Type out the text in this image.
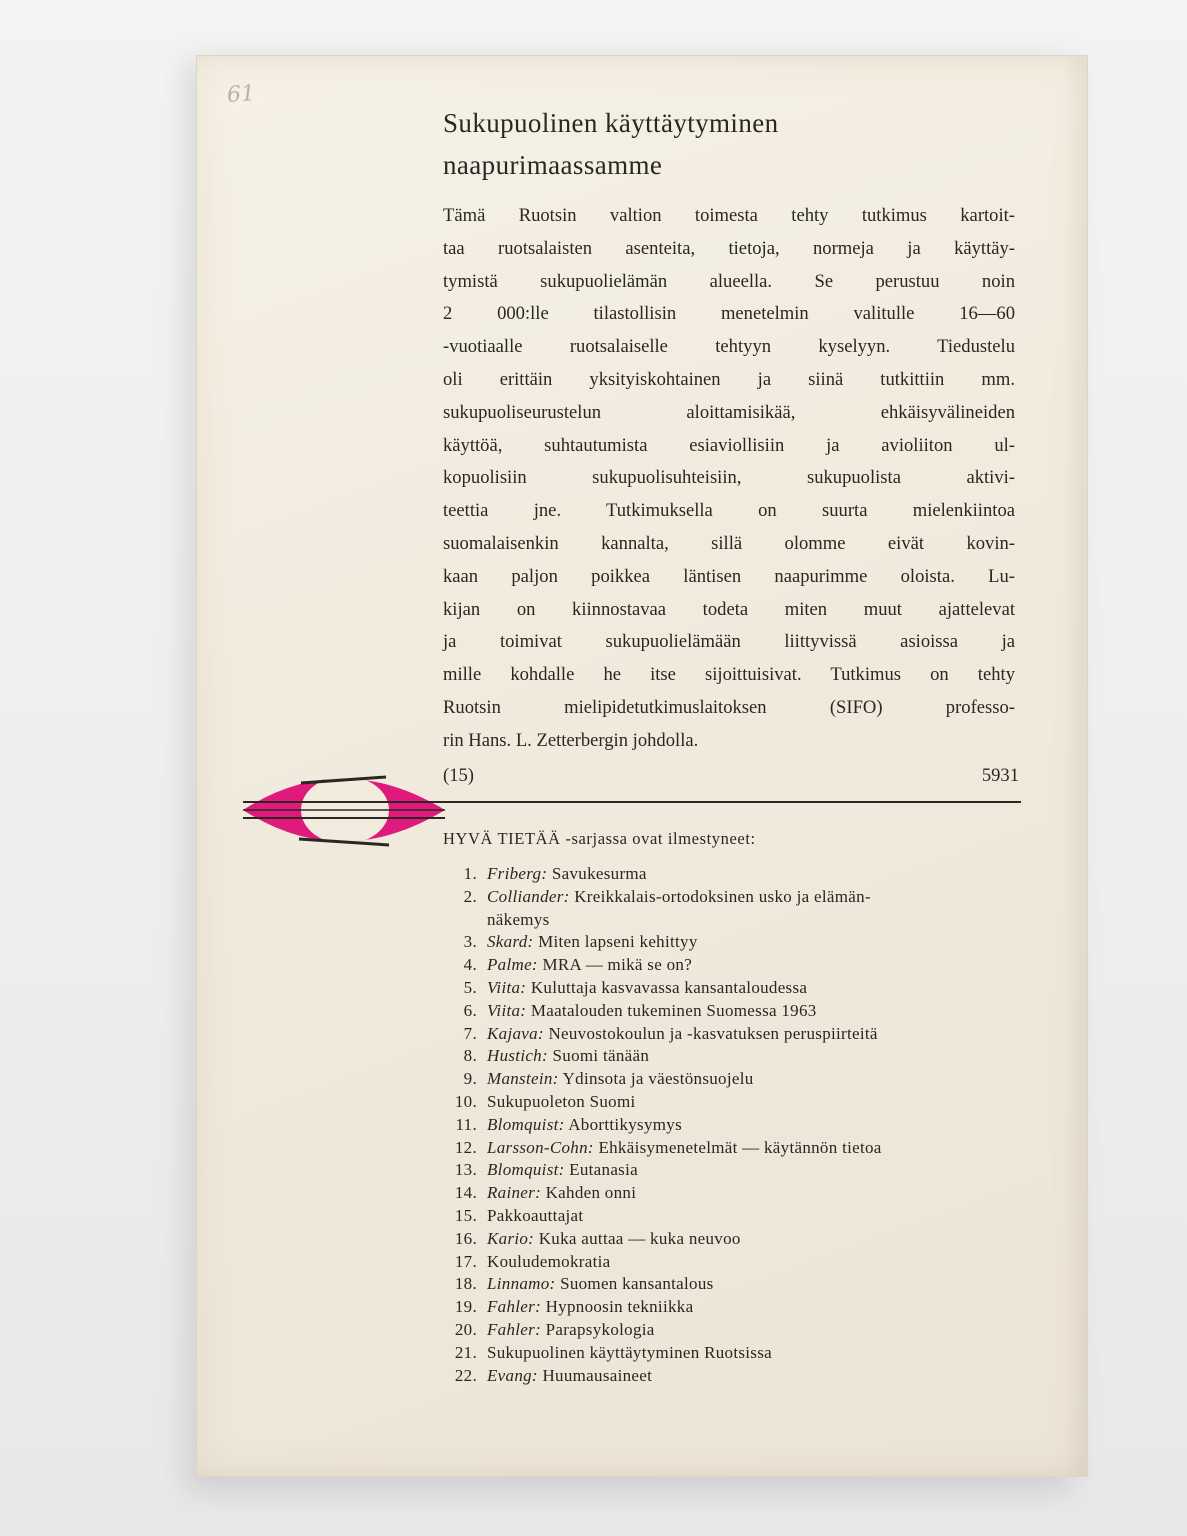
61
Sukupuolinen käyttäytyminen
naapurimaassamme

Tämä Ruotsin valtion toimesta tehty tutkimus kartoit-
taa ruotsalaisten asenteita, tietoja, normeja ja käyttäy-
tymistä sukupuolielämän alueella. Se perustuu noin
2 000:lle tilastollisin menetelmin valitulle 16—60
-vuotiaalle ruotsalaiselle tehtyyn kyselyyn. Tiedustelu
oli erittäin yksityiskohtainen ja siinä tutkittiin mm.
sukupuoliseurustelun aloittamisikää, ehkäisyvälineiden
käyttöä, suhtautumista esiaviollisiin ja avioliiton ul-
kopuolisiin sukupuolisuhteisiin, sukupuolista aktivi-
teettia jne. Tutkimuksella on suurta mielenkiintoa
suomalaisenkin kannalta, sillä olomme eivät kovin-
kaan paljon poikkea läntisen naapurimme oloista. Lu-
kijan on kiinnostavaa todeta miten muut ajattelevat
ja toimivat sukupuolielämään liittyvissä asioissa ja
mille kohdalle he itse sijoittuisivat. Tutkimus on tehty
Ruotsin mielipidetutkimuslaitoksen (SIFO) professo-
rin Hans. L. Zetterbergin johdolla.

(15)	5931
HYVÄ TIETÄÄ -sarjassa ovat ilmestyneet:
1. Friberg: Savukesurma
2. Colliander: Kreikkalais-ortodoksinen usko ja elämän-
näkemys
3. Skard: Miten lapseni kehittyy
4. Palme: MRA — mikä se on?
5. Viita: Kuluttaja kasvavassa kansantaloudessa
6. Viita: Maatalouden tukeminen Suomessa 1963
7. Kajava: Neuvostokoulun ja -kasvatuksen peruspiirteitä
8. Hustich: Suomi tänään
9. Manstein: Ydinsota ja väestönsuojelu
10. Sukupuoleton Suomi
11. Blomquist: Aborttikysymys
12. Larsson-Cohn: Ehkäisymenetelmät — käytännön tietoa
13. Blomquist: Eutanasia
14. Rainer: Kahden onni
15. Pakkoauttajat
16. Kario: Kuka auttaa — kuka neuvoo
17. Kouludemokratia
18. Linnamo: Suomen kansantalous
19. Fahler: Hypnoosin tekniikka
20. Fahler: Parapsykologia
21. Sukupuolinen käyttäytyminen Ruotsissa
22. Evang: Huumausaineet
